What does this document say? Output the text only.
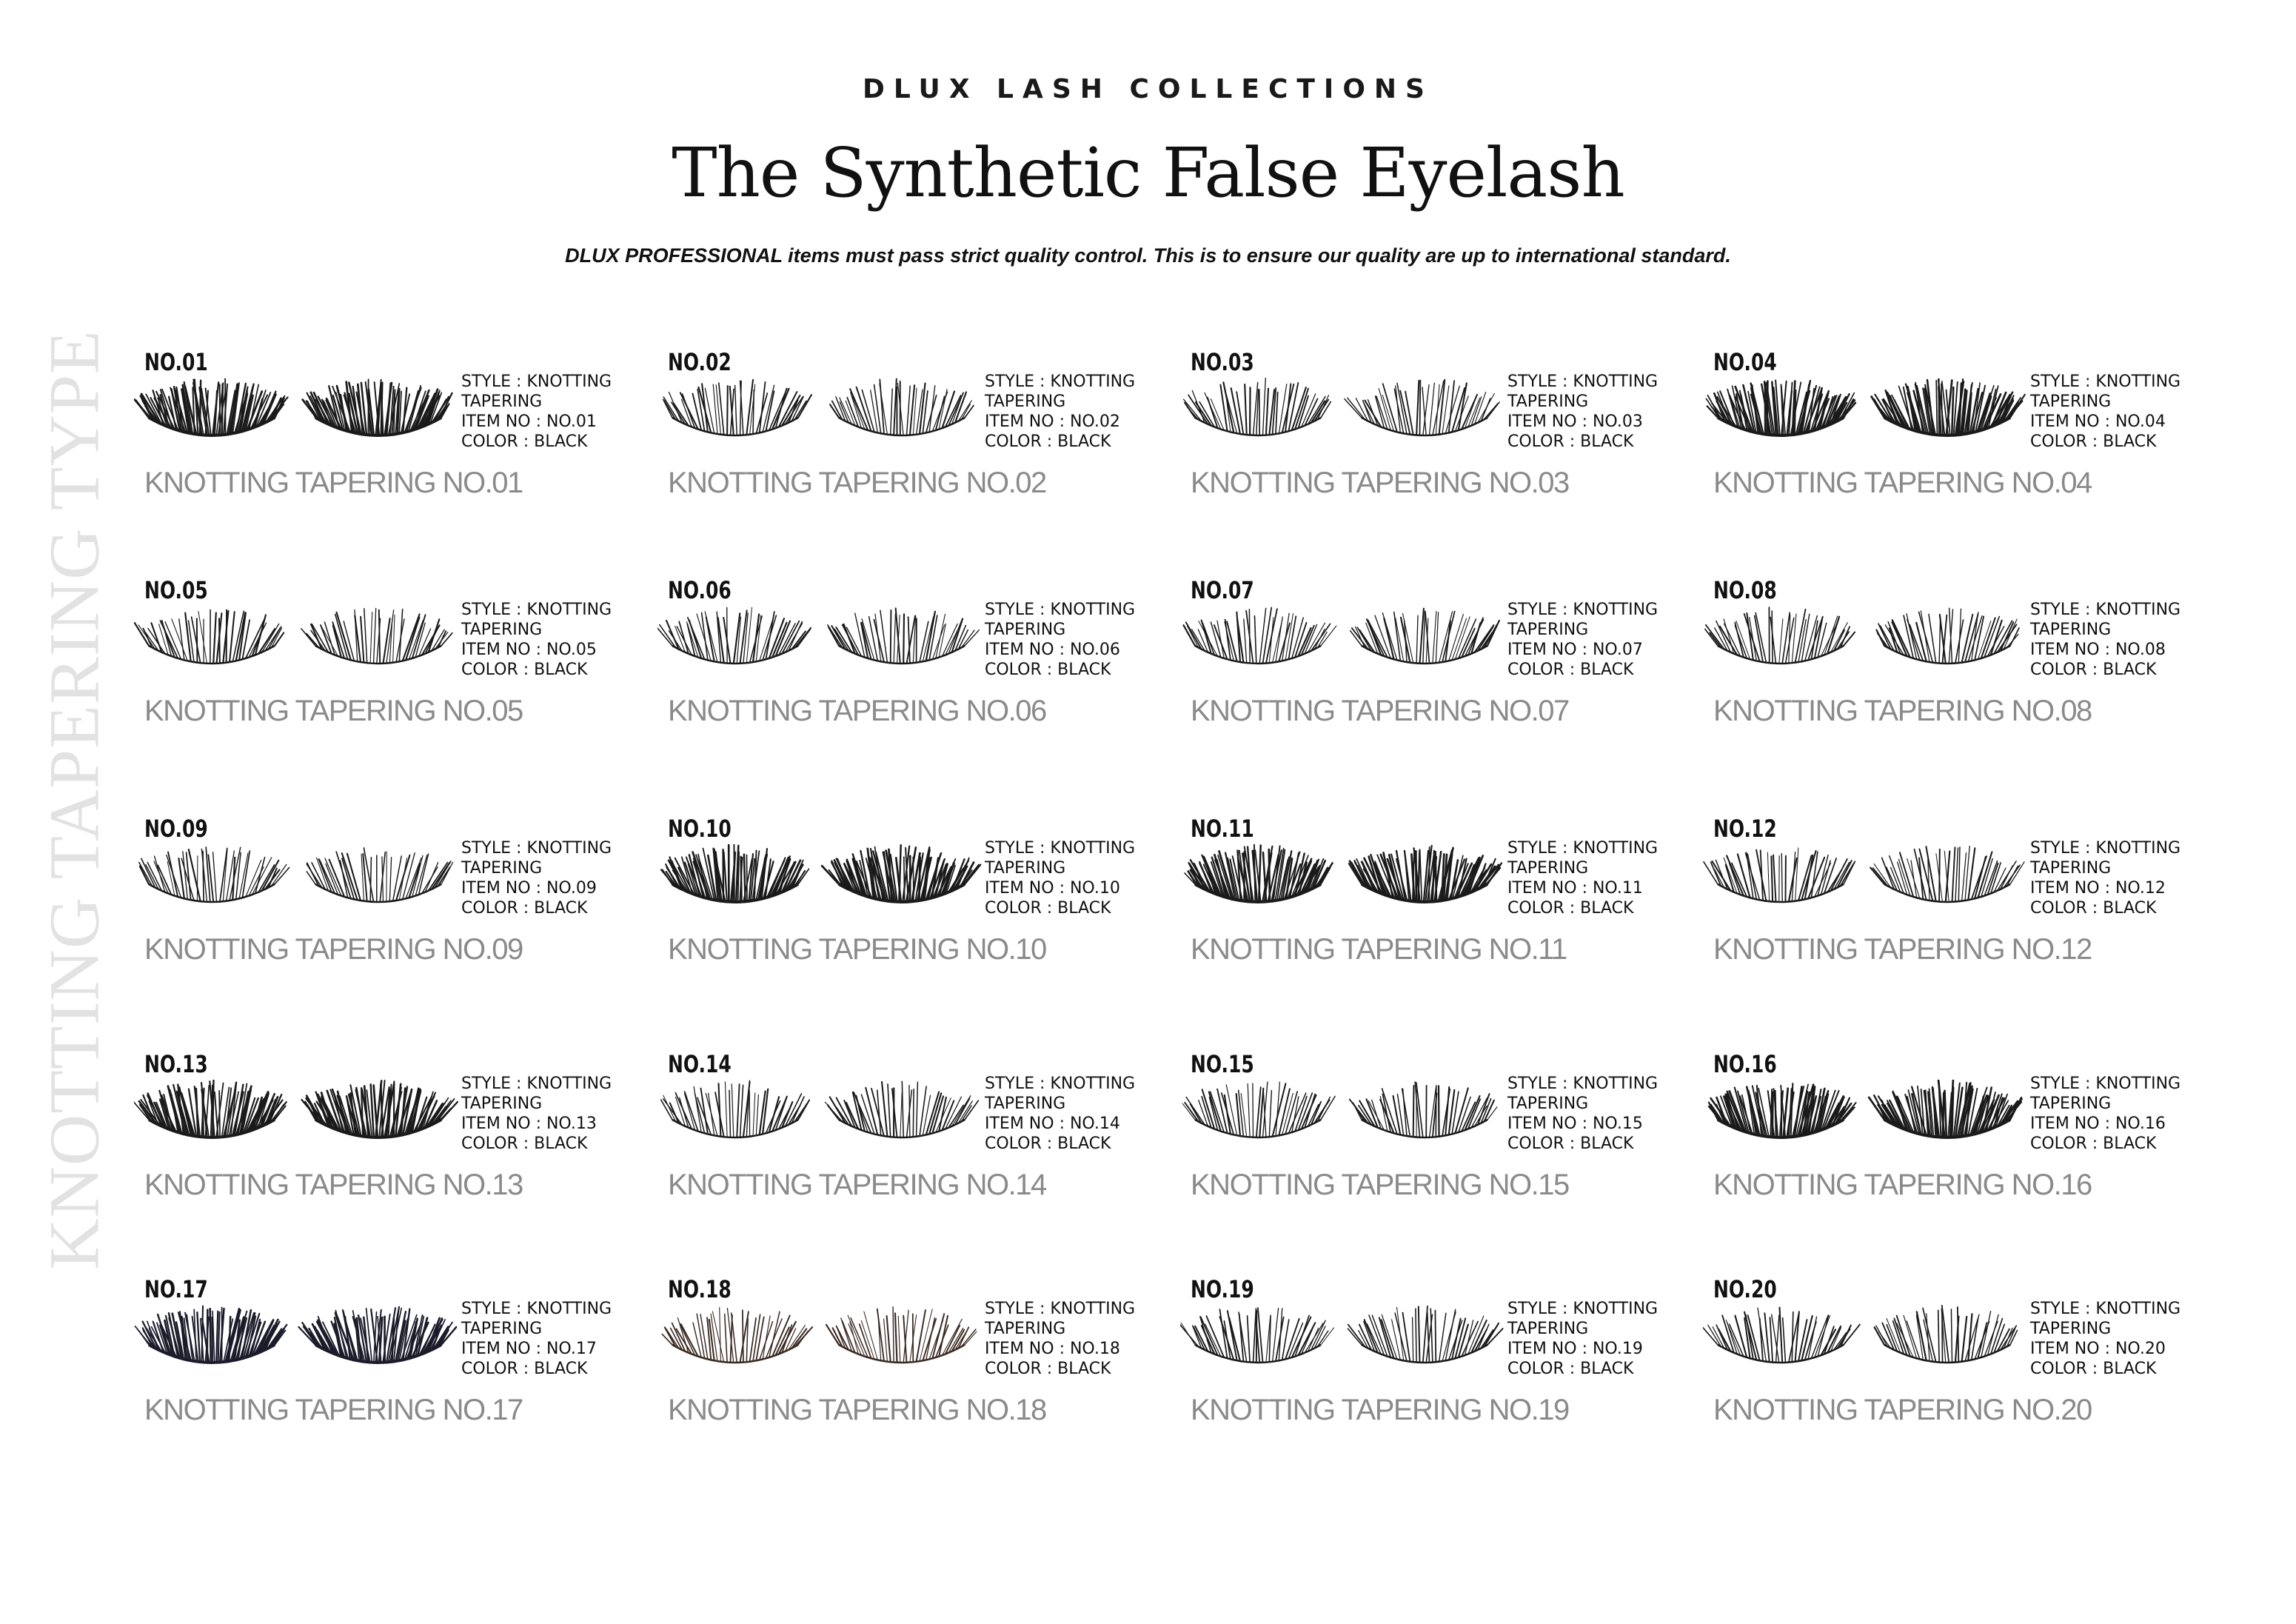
KNOTTING TAPERING TYPE
DLUX LASH COLLECTIONS
The Synthetic False Eyelash
DLUX PROFESSIONAL items must pass strict quality control. This is to ensure our quality are up to international standard.
NO.01
STYLE : KNOTTING
TAPERING
ITEM NO : NO.01
COLOR : BLACK
KNOTTING TAPERING NO.01
NO.02
STYLE : KNOTTING
TAPERING
ITEM NO : NO.02
COLOR : BLACK
KNOTTING TAPERING NO.02
NO.03
STYLE : KNOTTING
TAPERING
ITEM NO : NO.03
COLOR : BLACK
KNOTTING TAPERING NO.03
NO.04
STYLE : KNOTTING
TAPERING
ITEM NO : NO.04
COLOR : BLACK
KNOTTING TAPERING NO.04
NO.05
STYLE : KNOTTING
TAPERING
ITEM NO : NO.05
COLOR : BLACK
KNOTTING TAPERING NO.05
NO.06
STYLE : KNOTTING
TAPERING
ITEM NO : NO.06
COLOR : BLACK
KNOTTING TAPERING NO.06
NO.07
STYLE : KNOTTING
TAPERING
ITEM NO : NO.07
COLOR : BLACK
KNOTTING TAPERING NO.07
NO.08
STYLE : KNOTTING
TAPERING
ITEM NO : NO.08
COLOR : BLACK
KNOTTING TAPERING NO.08
NO.09
STYLE : KNOTTING
TAPERING
ITEM NO : NO.09
COLOR : BLACK
KNOTTING TAPERING NO.09
NO.10
STYLE : KNOTTING
TAPERING
ITEM NO : NO.10
COLOR : BLACK
KNOTTING TAPERING NO.10
NO.11
STYLE : KNOTTING
TAPERING
ITEM NO : NO.11
COLOR : BLACK
KNOTTING TAPERING NO.11
NO.12
STYLE : KNOTTING
TAPERING
ITEM NO : NO.12
COLOR : BLACK
KNOTTING TAPERING NO.12
NO.13
STYLE : KNOTTING
TAPERING
ITEM NO : NO.13
COLOR : BLACK
KNOTTING TAPERING NO.13
NO.14
STYLE : KNOTTING
TAPERING
ITEM NO : NO.14
COLOR : BLACK
KNOTTING TAPERING NO.14
NO.15
STYLE : KNOTTING
TAPERING
ITEM NO : NO.15
COLOR : BLACK
KNOTTING TAPERING NO.15
NO.16
STYLE : KNOTTING
TAPERING
ITEM NO : NO.16
COLOR : BLACK
KNOTTING TAPERING NO.16
NO.17
STYLE : KNOTTING
TAPERING
ITEM NO : NO.17
COLOR : BLACK
KNOTTING TAPERING NO.17
NO.18
STYLE : KNOTTING
TAPERING
ITEM NO : NO.18
COLOR : BLACK
KNOTTING TAPERING NO.18
NO.19
STYLE : KNOTTING
TAPERING
ITEM NO : NO.19
COLOR : BLACK
KNOTTING TAPERING NO.19
NO.20
STYLE : KNOTTING
TAPERING
ITEM NO : NO.20
COLOR : BLACK
KNOTTING TAPERING NO.20
